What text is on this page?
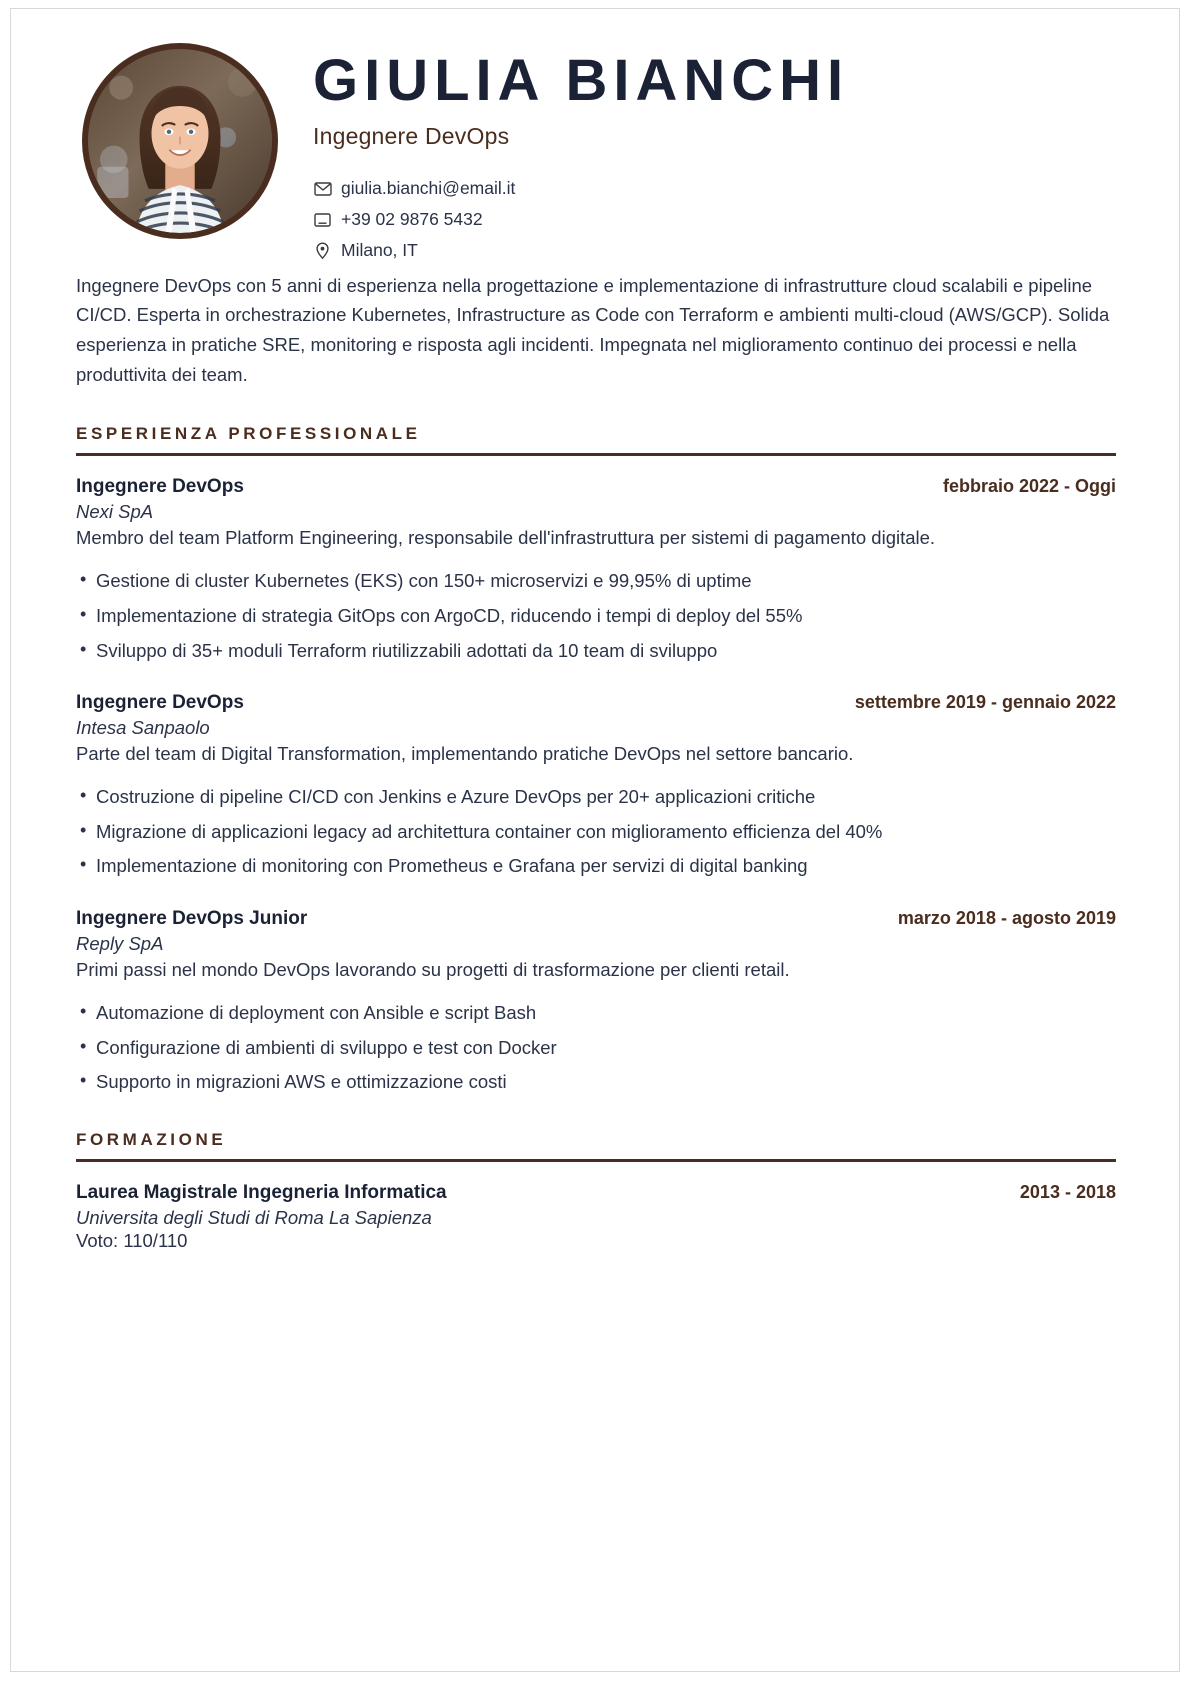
GIULIA BIANCHI
Ingegnere DevOps
giulia.bianchi@email.it
+39 02 9876 5432
Milano, IT
Ingegnere DevOps con 5 anni di esperienza nella progettazione e implementazione di infrastrutture cloud scalabili e pipeline CI/CD. Esperta in orchestrazione Kubernetes, Infrastructure as Code con Terraform e ambienti multi-cloud (AWS/GCP). Solida esperienza in pratiche SRE, monitoring e risposta agli incidenti. Impegnata nel miglioramento continuo dei processi e nella produttivita dei team.
ESPERIENZA PROFESSIONALE
Ingegnere DevOps	febbraio 2022 - Oggi
Nexi SpA
Membro del team Platform Engineering, responsabile dell'infrastruttura per sistemi di pagamento digitale.
• Gestione di cluster Kubernetes (EKS) con 150+ microservizi e 99,95% di uptime
• Implementazione di strategia GitOps con ArgoCD, riducendo i tempi di deploy del 55%
• Sviluppo di 35+ moduli Terraform riutilizzabili adottati da 10 team di sviluppo
Ingegnere DevOps	settembre 2019 - gennaio 2022
Intesa Sanpaolo
Parte del team di Digital Transformation, implementando pratiche DevOps nel settore bancario.
• Costruzione di pipeline CI/CD con Jenkins e Azure DevOps per 20+ applicazioni critiche
• Migrazione di applicazioni legacy ad architettura container con miglioramento efficienza del 40%
• Implementazione di monitoring con Prometheus e Grafana per servizi di digital banking
Ingegnere DevOps Junior	marzo 2018 - agosto 2019
Reply SpA
Primi passi nel mondo DevOps lavorando su progetti di trasformazione per clienti retail.
• Automazione di deployment con Ansible e script Bash
• Configurazione di ambienti di sviluppo e test con Docker
• Supporto in migrazioni AWS e ottimizzazione costi
FORMAZIONE
Laurea Magistrale Ingegneria Informatica	2013 - 2018
Universita degli Studi di Roma La Sapienza
Voto: 110/110
